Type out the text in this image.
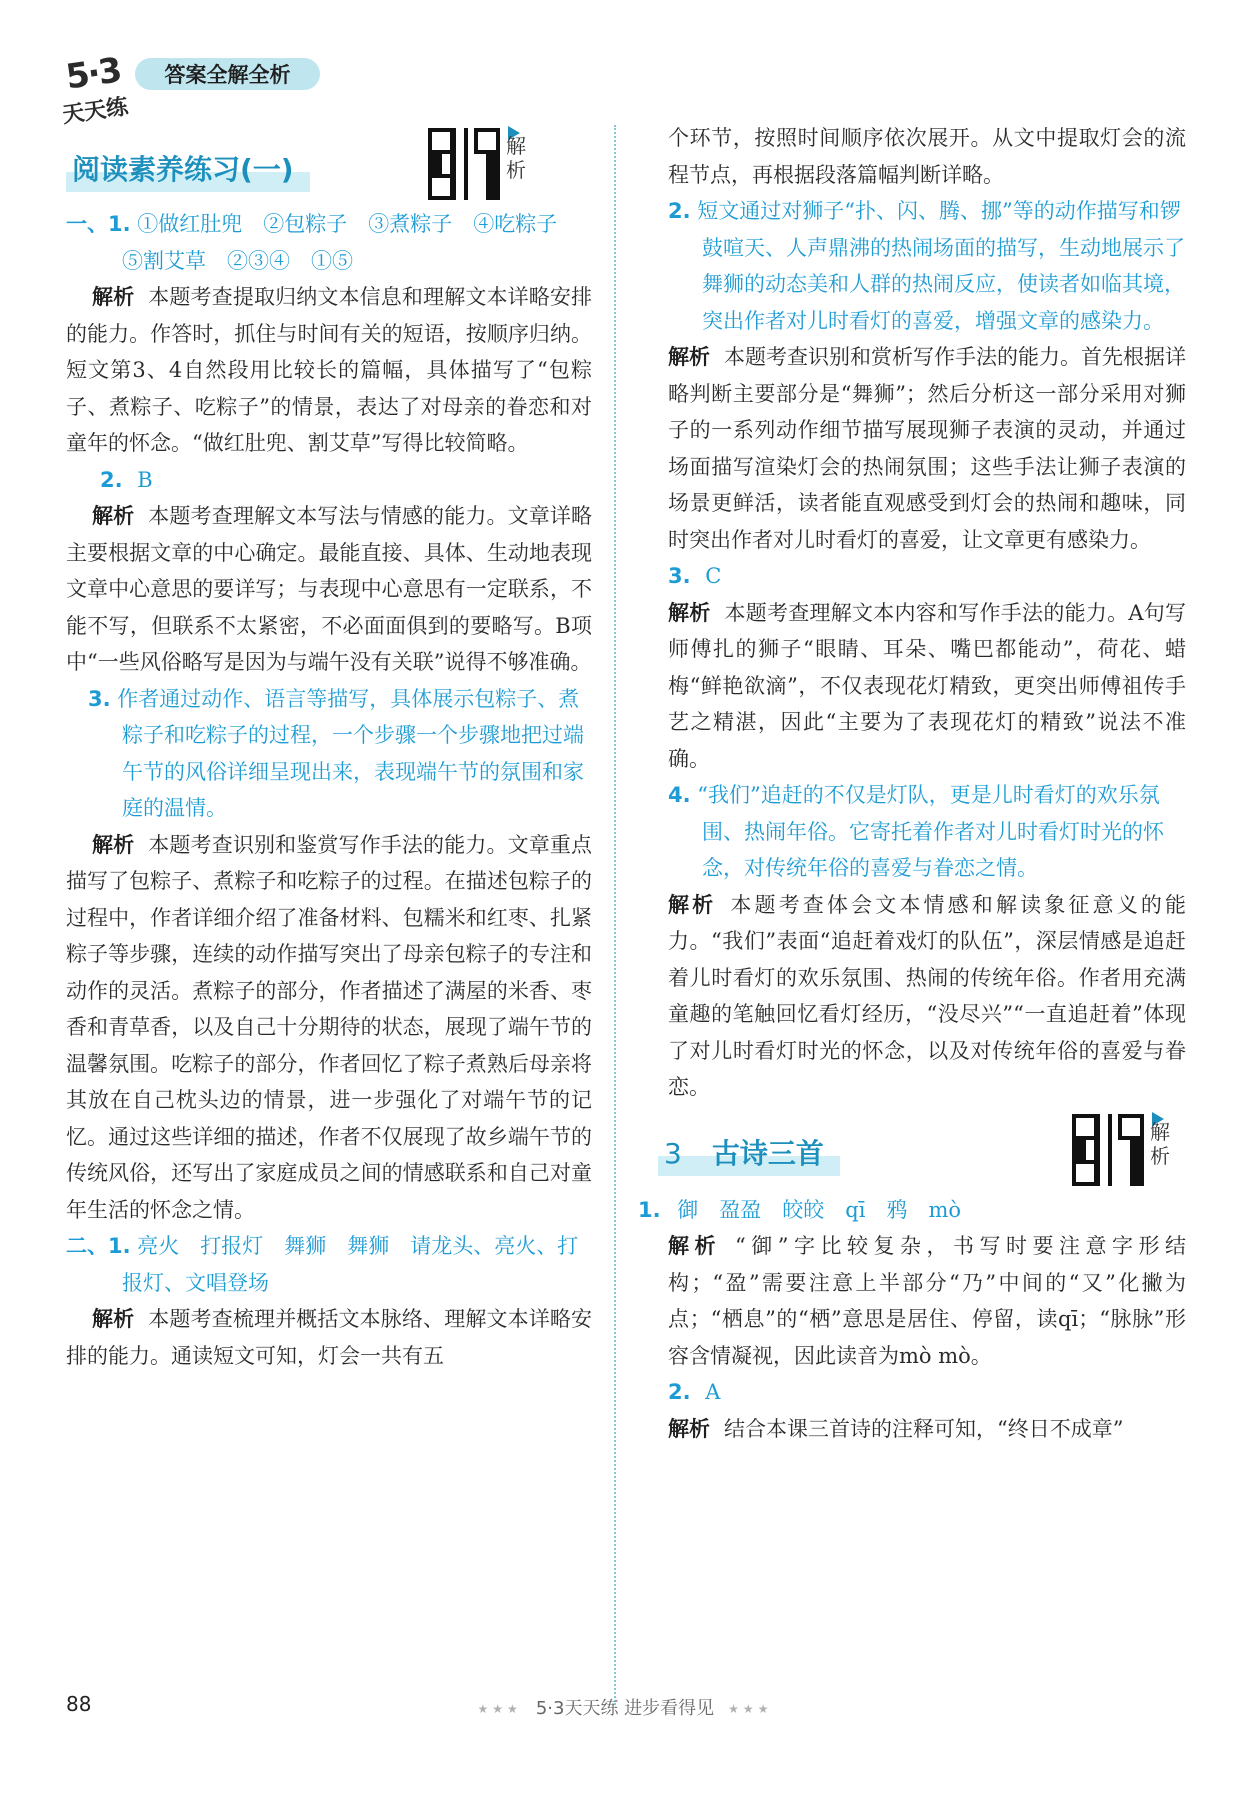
5·3
天天练
答案全解全析
阅读素养练习(一)
解析

一、1. ①做红肚兜　②包粽子　③煮粽子　④吃粽子　⑤割艾草　②③④　①⑤

解析 本题考查提取归纳文本信息和理解文本详略安排的能力。作答时，抓住与时间有关的短语，按顺序归纳。短文第3、4自然段用比较长的篇幅，具体描写了“包粽子、煮粽子、吃粽子”的情景，表达了对母亲的眷恋和对童年的怀念。“做红肚兜、割艾草”写得比较简略。

2. B

解析 本题考查理解文本写法与情感的能力。文章详略主要根据文章的中心确定。最能直接、具体、生动地表现文章中心意思的要详写；与表现中心意思有一定联系，不能不写，但联系不太紧密，不必面面俱到的要略写。B项中“一些风俗略写是因为与端午没有关联”说得不够准确。

3. 作者通过动作、语言等描写，具体展示包粽子、煮粽子和吃粽子的过程，一个步骤一个步骤地把过端午节的风俗详细呈现出来，表现端午节的氛围和家庭的温情。

解析 本题考查识别和鉴赏写作手法的能力。文章重点描写了包粽子、煮粽子和吃粽子的过程。在描述包粽子的过程中，作者详细介绍了准备材料、包糯米和红枣、扎紧粽子等步骤，连续的动作描写突出了母亲包粽子的专注和动作的灵活。煮粽子的部分，作者描述了满屋的米香、枣香和青草香，以及自己十分期待的状态，展现了端午节的温馨氛围。吃粽子的部分，作者回忆了粽子煮熟后母亲将其放在自己枕头边的情景，进一步强化了对端午节的记忆。通过这些详细的描述，作者不仅展现了故乡端午节的传统风俗，还写出了家庭成员之间的情感联系和自己对童年生活的怀念之情。

二、1. 亮火　打报灯　舞狮　舞狮　请龙头、亮火、打报灯、文唱登场

解析 本题考查梳理并概括文本脉络、理解文本详略安排的能力。通读短文可知，灯会一共有五

个环节，按照时间顺序依次展开。从文中提取灯会的流程节点，再根据段落篇幅判断详略。

2. 短文通过对狮子“扑、闪、腾、挪”等的动作描写和锣鼓喧天、人声鼎沸的热闹场面的描写，生动地展示了舞狮的动态美和人群的热闹反应，使读者如临其境，突出作者对儿时看灯的喜爱，增强文章的感染力。

解析 本题考查识别和赏析写作手法的能力。首先根据详略判断主要部分是“舞狮”；然后分析这一部分采用对狮子的一系列动作细节描写展现狮子表演的灵动，并通过场面描写渲染灯会的热闹氛围；这些手法让狮子表演的场景更鲜活，读者能直观感受到灯会的热闹和趣味，同时突出作者对儿时看灯的喜爱，让文章更有感染力。

3. C

解析 本题考查理解文本内容和写作手法的能力。A句写师傅扎的狮子“眼睛、耳朵、嘴巴都能动”，荷花、蜡梅“鲜艳欲滴”，不仅表现花灯精致，更突出师傅祖传手艺之精湛，因此“主要为了表现花灯的精致”说法不准确。

4. “我们”追赶的不仅是灯队，更是儿时看灯的欢乐氛围、热闹年俗。它寄托着作者对儿时看灯时光的怀念，对传统年俗的喜爱与眷恋之情。

解析 本题考查体会文本情感和解读象征意义的能力。“我们”表面“追赶着戏灯的队伍”，深层情感是追赶着儿时看灯的欢乐氛围、热闹的传统年俗。作者用充满童趣的笔触回忆看灯经历，“没尽兴”“一直追赶着”体现了对儿时看灯时光的怀念，以及对传统年俗的喜爱与眷恋。

3 古诗三首
解析

1. 御　盈盈　皎皎　qī　鸦　mò

解析 “御”字比较复杂，书写时要注意字形结构；“盈”需要注意上半部分“乃”中间的“又”化撇为点；“栖息”的“栖”意思是居住、停留，读qī；“脉脉”形容含情凝视，因此读音为mò mò。

2. A

解析 结合本课三首诗的注释可知，“终日不成章”

88	★★★ 5·3天天练 进步看得见 ★★★
